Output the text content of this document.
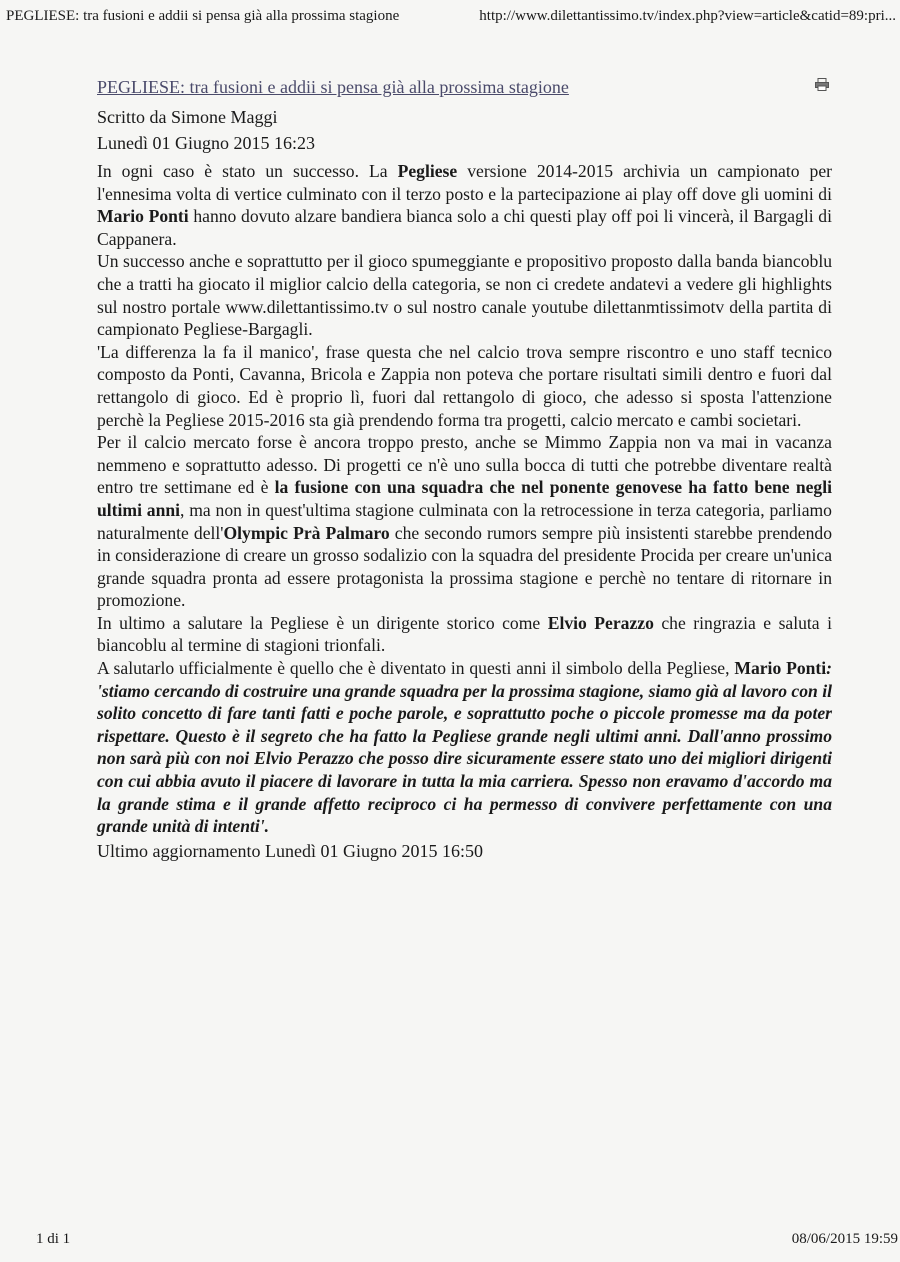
PEGLIESE: tra fusioni e addii si pensa già alla prossima stagione	http://www.dilettantissimo.tv/index.php?view=article&catid=89:pri...
PEGLIESE: tra fusioni e addii si pensa già alla prossima stagione
Scritto da Simone Maggi
Lunedì 01 Giugno 2015 16:23

In ogni caso è stato un successo. La Pegliese versione 2014-2015 archivia un campionato per l'ennesima volta di vertice culminato con il terzo posto e la partecipazione ai play off dove gli uomini di Mario Ponti hanno dovuto alzare bandiera bianca solo a chi questi play off poi li vincerà, il Bargagli di Cappanera.

Un successo anche e soprattutto per il gioco spumeggiante e propositivo proposto dalla banda biancoblu che a tratti ha giocato il miglior calcio della categoria, se non ci credete andatevi a vedere gli highlights sul nostro portale www.dilettantissimo.tv o sul nostro canale youtube dilettanmtissimotv della partita di campionato Pegliese-Bargagli.

'La differenza la fa il manico', frase questa che nel calcio trova sempre riscontro e uno staff tecnico composto da Ponti, Cavanna, Bricola e Zappia non poteva che portare risultati simili dentro e fuori dal rettangolo di gioco. Ed è proprio lì, fuori dal rettangolo di gioco, che adesso si sposta l'attenzione perchè la Pegliese 2015-2016 sta già prendendo forma tra progetti, calcio mercato e cambi societari.

Per il calcio mercato forse è ancora troppo presto, anche se Mimmo Zappia non va mai in vacanza nemmeno e soprattutto adesso. Di progetti ce n'è uno sulla bocca di tutti che potrebbe diventare realtà entro tre settimane ed è la fusione con una squadra che nel ponente genovese ha fatto bene negli ultimi anni, ma non in quest'ultima stagione culminata con la retrocessione in terza categoria, parliamo naturalmente dell'Olympic Prà Palmaro che secondo rumors sempre più insistenti starebbe prendendo in considerazione di creare un grosso sodalizio con la squadra del presidente Procida per creare un'unica grande squadra pronta ad essere protagonista la prossima stagione e perchè no tentare di ritornare in promozione.

In ultimo a salutare la Pegliese è un dirigente storico come Elvio Perazzo che ringrazia e saluta i biancoblu al termine di stagioni trionfali.

A salutarlo ufficialmente è quello che è diventato in questi anni il simbolo della Pegliese, Mario Ponti: 'stiamo cercando di costruire una grande squadra per la prossima stagione, siamo già al lavoro con il solito concetto di fare tanti fatti e poche parole, e soprattutto poche o piccole promesse ma da poter rispettare. Questo è il segreto che ha fatto la Pegliese grande negli ultimi anni. Dall'anno prossimo non sarà più con noi Elvio Perazzo che posso dire sicuramente essere stato uno dei migliori dirigenti con cui abbia avuto il piacere di lavorare in tutta la mia carriera. Spesso non eravamo d'accordo ma la grande stima e il grande affetto reciproco ci ha permesso di convivere perfettamente con una grande unità di intenti'.

Ultimo aggiornamento Lunedì 01 Giugno 2015 16:50
1 di 1	08/06/2015 19:59
